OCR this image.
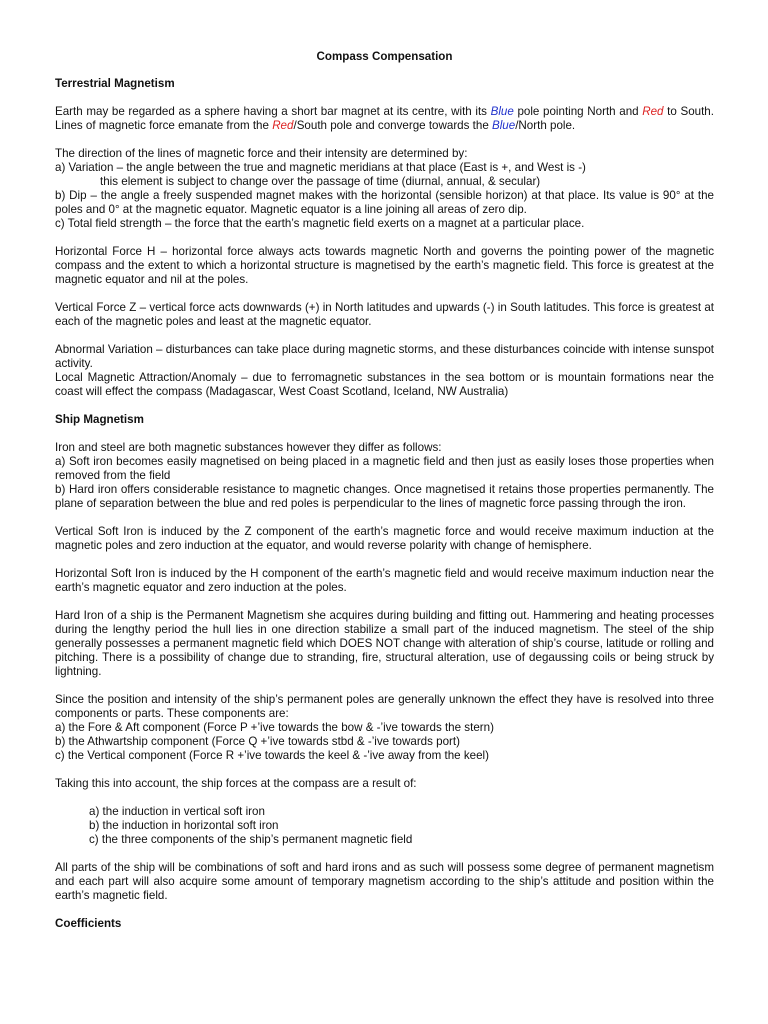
Compass Compensation
Terrestrial Magnetism

Earth may be regarded as a sphere having a short bar magnet at its centre, with its Blue pole pointing North and Red to South. Lines of magnetic force emanate from the Red/South pole and converge towards the Blue/North pole.

The direction of the lines of magnetic force and their intensity are determined by:
a) Variation – the angle between the true and magnetic meridians at that place (East is +, and West is -)
this element is subject to change over the passage of time (diurnal, annual, & secular)
b) Dip – the angle a freely suspended magnet makes with the horizontal (sensible horizon) at that place. Its value is 90° at the poles and 0° at the magnetic equator. Magnetic equator is a line joining all areas of zero dip.
c) Total field strength – the force that the earth’s magnetic field exerts on a magnet at a particular place.

Horizontal Force H – horizontal force always acts towards magnetic North and governs the pointing power of the magnetic compass and the extent to which a horizontal structure is magnetised by the earth’s magnetic field. This force is greatest at the magnetic equator and nil at the poles.

Vertical Force Z – vertical force acts downwards (+) in North latitudes and upwards (-) in South latitudes. This force is greatest at each of the magnetic poles and least at the magnetic equator.

Abnormal Variation – disturbances can take place during magnetic storms, and these disturbances coincide with intense sunspot activity.
Local Magnetic Attraction/Anomaly – due to ferromagnetic substances in the sea bottom or is mountain formations near the coast will effect the compass (Madagascar, West Coast Scotland, Iceland, NW Australia)

Ship Magnetism

Iron and steel are both magnetic substances however they differ as follows:
a) Soft iron becomes easily magnetised on being placed in a magnetic field and then just as easily loses those properties when removed from the field
b) Hard iron offers considerable resistance to magnetic changes. Once magnetised it retains those properties permanently. The plane of separation between the blue and red poles is perpendicular to the lines of magnetic force passing through the iron.

Vertical Soft Iron is induced by the Z component of the earth’s magnetic force and would receive maximum induction at the magnetic poles and zero induction at the equator, and would reverse polarity with change of hemisphere.

Horizontal Soft Iron is induced by the H component of the earth’s magnetic field and would receive maximum induction near the earth’s magnetic equator and zero induction at the poles.

Hard Iron of a ship is the Permanent Magnetism she acquires during building and fitting out. Hammering and heating processes during the lengthy period the hull lies in one direction stabilize a small part of the induced magnetism. The steel of the ship generally possesses a permanent magnetic field which DOES NOT change with alteration of ship’s course, latitude or rolling and pitching. There is a possibility of change due to stranding, fire, structural alteration, use of degaussing coils or being struck by lightning.

Since the position and intensity of the ship’s permanent poles are generally unknown the effect they have is resolved into three components or parts. These components are:
a) the Fore & Aft component (Force P +’ive towards the bow & -’ive towards the stern)
b) the Athwartship component (Force Q +’ive towards stbd & -’ive towards port)
c) the Vertical component (Force R +’ive towards the keel & -’ive away from the keel)

Taking this into account, the ship forces at the compass are a result of:

a) the induction in vertical soft iron
b) the induction in horizontal soft iron
c) the three components of the ship’s permanent magnetic field

All parts of the ship will be combinations of soft and hard irons and as such will possess some degree of permanent magnetism and each part will also acquire some amount of temporary magnetism according to the ship’s attitude and position within the earth’s magnetic field.

Coefficients
